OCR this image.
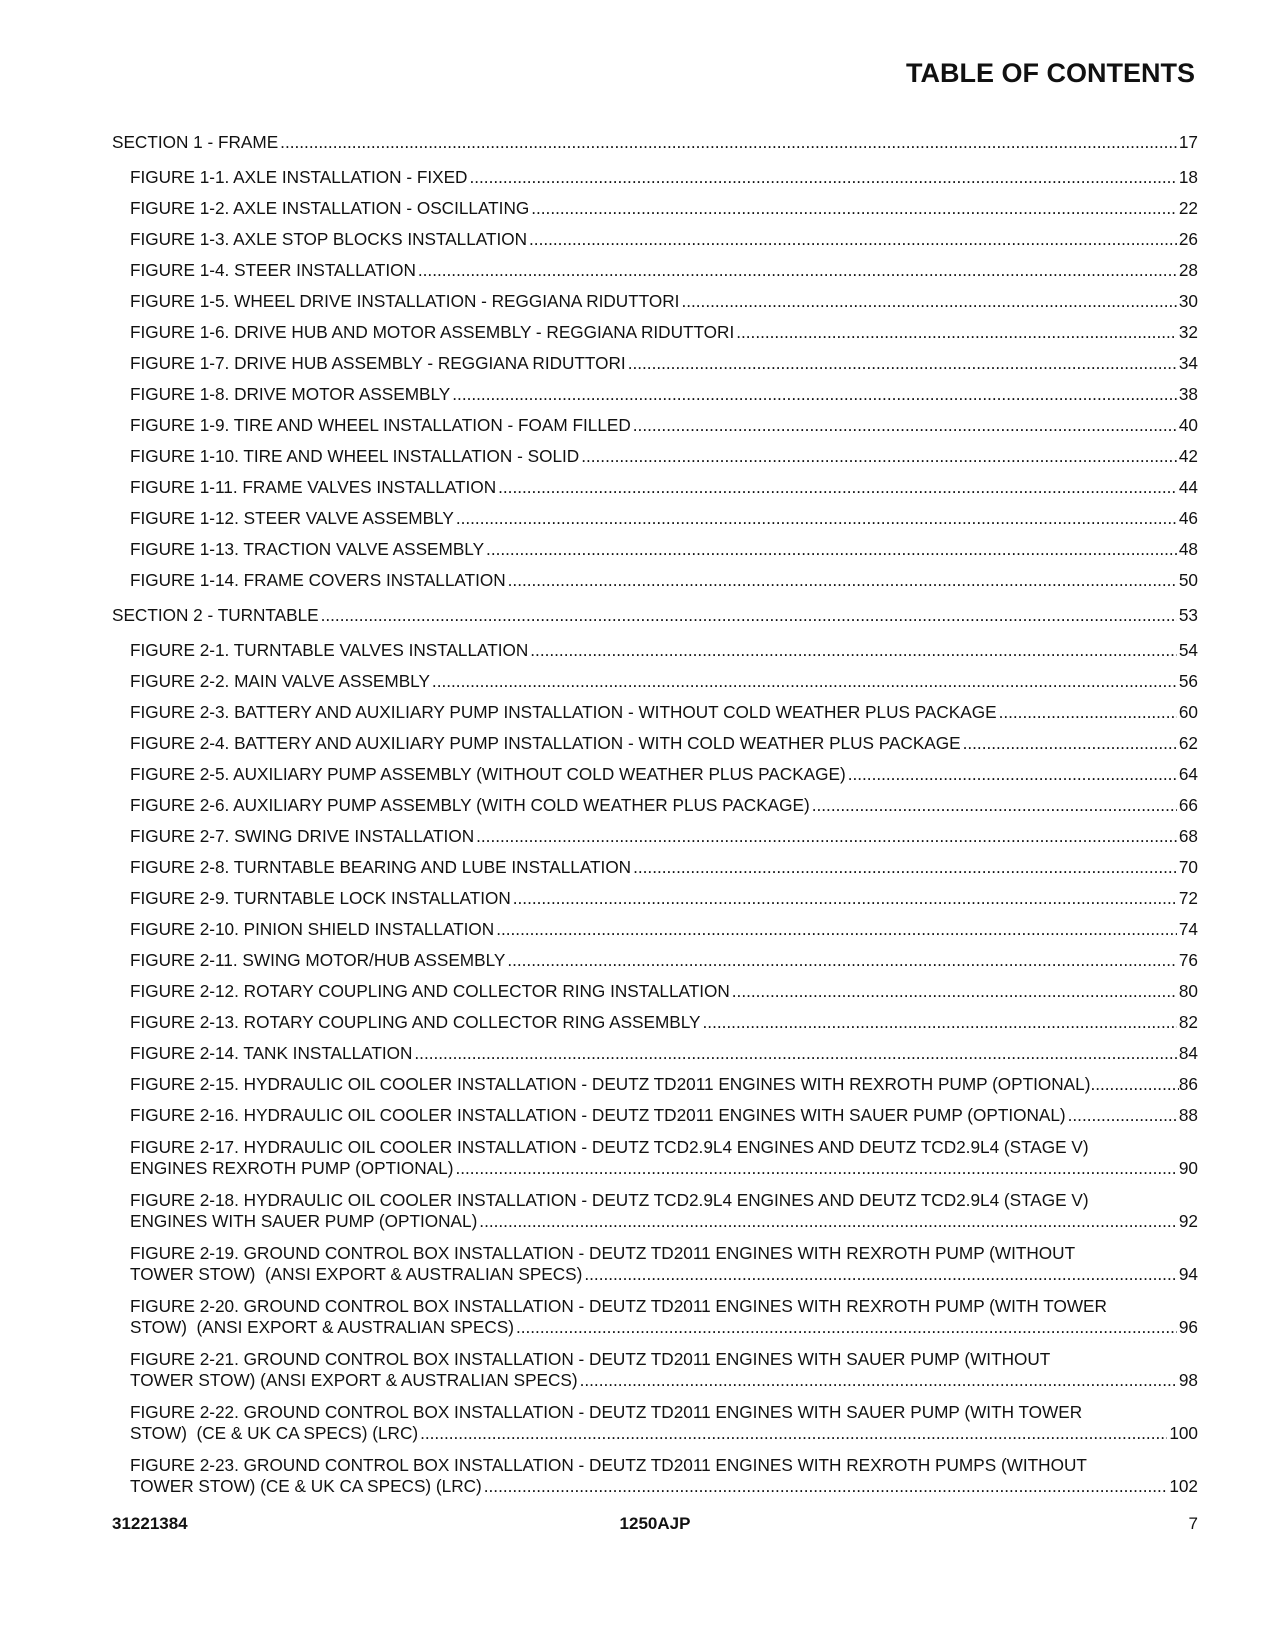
TABLE OF CONTENTS
SECTION 1 - FRAME .....	17
FIGURE 1-1. AXLE INSTALLATION - FIXED .....	18
FIGURE 1-2. AXLE INSTALLATION - OSCILLATING .....	22
FIGURE 1-3. AXLE STOP BLOCKS INSTALLATION .....	26
FIGURE 1-4. STEER INSTALLATION .....	28
FIGURE 1-5. WHEEL DRIVE INSTALLATION - REGGIANA RIDUTTORI .....	30
FIGURE 1-6. DRIVE HUB AND MOTOR ASSEMBLY - REGGIANA RIDUTTORI .....	32
FIGURE 1-7. DRIVE HUB ASSEMBLY - REGGIANA RIDUTTORI .....	34
FIGURE 1-8. DRIVE MOTOR ASSEMBLY .....	38
FIGURE 1-9. TIRE AND WHEEL INSTALLATION - FOAM FILLED .....	40
FIGURE 1-10. TIRE AND WHEEL INSTALLATION - SOLID .....	42
FIGURE 1-11. FRAME VALVES INSTALLATION .....	44
FIGURE 1-12. STEER VALVE ASSEMBLY .....	46
FIGURE 1-13. TRACTION VALVE ASSEMBLY .....	48
FIGURE 1-14. FRAME COVERS INSTALLATION .....	50
SECTION 2 - TURNTABLE .....	53
FIGURE 2-1. TURNTABLE VALVES INSTALLATION .....	54
FIGURE 2-2. MAIN VALVE ASSEMBLY .....	56
FIGURE 2-3. BATTERY AND AUXILIARY PUMP INSTALLATION - WITHOUT COLD WEATHER PLUS PACKAGE .....	60
FIGURE 2-4. BATTERY AND AUXILIARY PUMP INSTALLATION - WITH COLD WEATHER PLUS PACKAGE .....	62
FIGURE 2-5. AUXILIARY PUMP ASSEMBLY (WITHOUT COLD WEATHER PLUS PACKAGE) .....	64
FIGURE 2-6. AUXILIARY PUMP ASSEMBLY (WITH COLD WEATHER PLUS PACKAGE) .....	66
FIGURE 2-7. SWING DRIVE INSTALLATION .....	68
FIGURE 2-8. TURNTABLE BEARING AND LUBE INSTALLATION .....	70
FIGURE 2-9. TURNTABLE LOCK INSTALLATION .....	72
FIGURE 2-10. PINION SHIELD INSTALLATION .....	74
FIGURE 2-11. SWING MOTOR/HUB ASSEMBLY .....	76
FIGURE 2-12. ROTARY COUPLING AND COLLECTOR RING INSTALLATION .....	80
FIGURE 2-13. ROTARY COUPLING AND COLLECTOR RING ASSEMBLY .....	82
FIGURE 2-14. TANK INSTALLATION .....	84
FIGURE 2-15. HYDRAULIC OIL COOLER INSTALLATION - DEUTZ TD2011 ENGINES WITH REXROTH PUMP (OPTIONAL) .....	86
FIGURE 2-16. HYDRAULIC OIL COOLER INSTALLATION - DEUTZ TD2011 ENGINES WITH SAUER PUMP (OPTIONAL) .....	88
FIGURE 2-17. HYDRAULIC OIL COOLER INSTALLATION - DEUTZ TCD2.9L4 ENGINES AND DEUTZ TCD2.9L4 (STAGE V)
ENGINES REXROTH PUMP (OPTIONAL) .....	90
FIGURE 2-18. HYDRAULIC OIL COOLER INSTALLATION - DEUTZ TCD2.9L4 ENGINES AND DEUTZ TCD2.9L4 (STAGE V)
ENGINES WITH SAUER PUMP (OPTIONAL) .....	92
FIGURE 2-19. GROUND CONTROL BOX INSTALLATION - DEUTZ TD2011 ENGINES WITH REXROTH PUMP (WITHOUT
TOWER STOW)  (ANSI EXPORT & AUSTRALIAN SPECS) .....	94
FIGURE 2-20. GROUND CONTROL BOX INSTALLATION - DEUTZ TD2011 ENGINES WITH REXROTH PUMP (WITH TOWER
STOW)  (ANSI EXPORT & AUSTRALIAN SPECS) .....	96
FIGURE 2-21. GROUND CONTROL BOX INSTALLATION - DEUTZ TD2011 ENGINES WITH SAUER PUMP (WITHOUT
TOWER STOW) (ANSI EXPORT & AUSTRALIAN SPECS) .....	98
FIGURE 2-22. GROUND CONTROL BOX INSTALLATION - DEUTZ TD2011 ENGINES WITH SAUER PUMP (WITH TOWER
STOW)  (CE & UK CA SPECS) (LRC) .....	100
FIGURE 2-23. GROUND CONTROL BOX INSTALLATION - DEUTZ TD2011 ENGINES WITH REXROTH PUMPS (WITHOUT
TOWER STOW) (CE & UK CA SPECS) (LRC) .....	102
31221384	1250AJP	7
